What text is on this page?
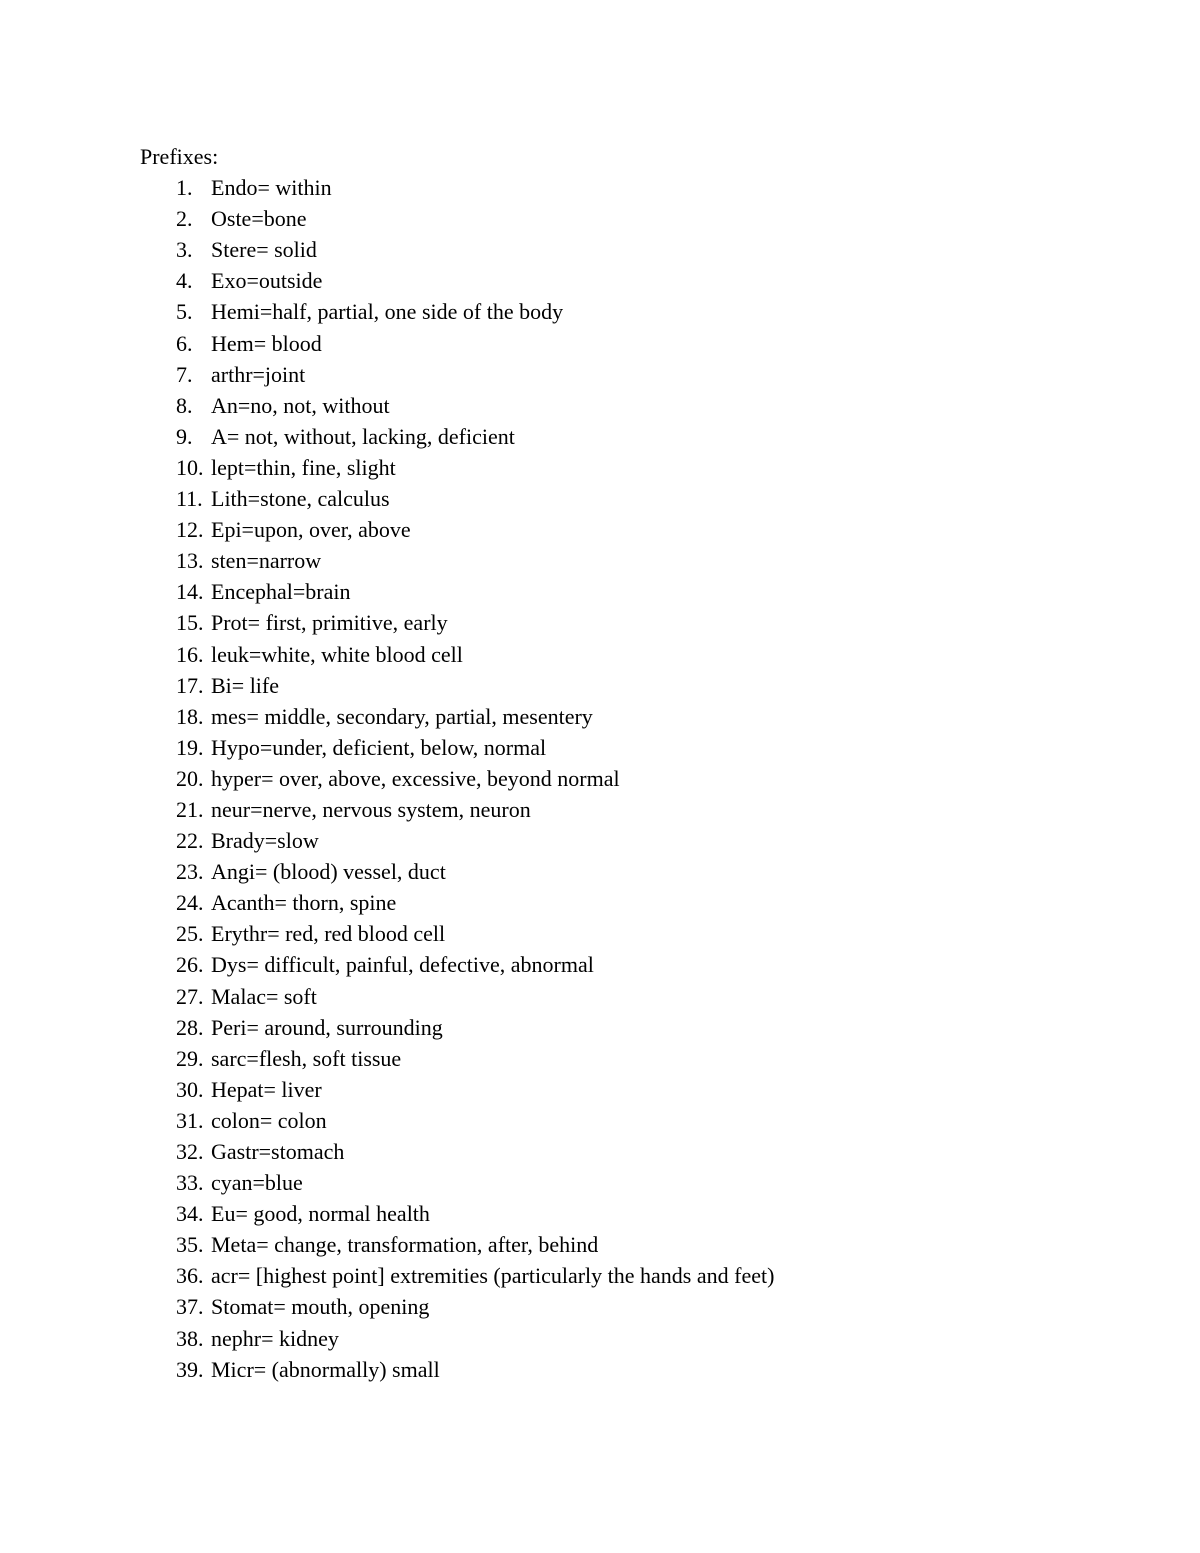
Prefixes:
1. Endo= within
2. Oste=bone
3. Stere= solid
4. Exo=outside
5. Hemi=half, partial, one side of the body
6. Hem= blood
7. arthr=joint
8. An=no, not, without
9. A= not, without, lacking, deficient
10. lept=thin, fine, slight
11. Lith=stone, calculus
12. Epi=upon, over, above
13. sten=narrow
14. Encephal=brain
15. Prot= first, primitive, early
16. leuk=white, white blood cell
17. Bi= life
18. mes= middle, secondary, partial, mesentery
19. Hypo=under, deficient, below, normal
20. hyper= over, above, excessive, beyond normal
21. neur=nerve, nervous system, neuron
22. Brady=slow
23. Angi= (blood) vessel, duct
24. Acanth= thorn, spine
25. Erythr= red, red blood cell
26. Dys= difficult, painful, defective, abnormal
27. Malac= soft
28. Peri= around, surrounding
29. sarc=flesh, soft tissue
30. Hepat= liver
31. colon= colon
32. Gastr=stomach
33. cyan=blue
34. Eu= good, normal health
35. Meta= change, transformation, after, behind
36. acr= [highest point] extremities (particularly the hands and feet)
37. Stomat= mouth, opening
38. nephr= kidney
39. Micr= (abnormally) small
